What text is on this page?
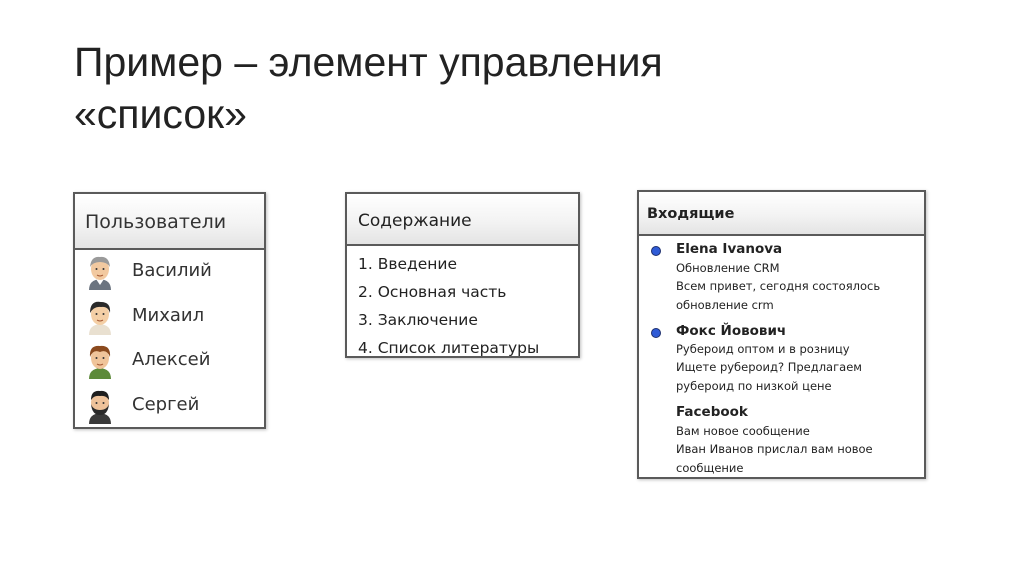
Пример – элемент управления
«список»
Пользователи
Василий
Михаил
Алексей
Сергей
Содержание
1. Введение
2. Основная часть
3. Заключение
4. Список литературы
Входящие
Elena Ivanova
Обновление CRM
Всем привет, сегодня состоялось
обновление crm
Фокс Йовович
Рубероид оптом и в розницу
Ищете рубероид? Предлагаем
рубероид по низкой цене
Facebook
Вам новое сообщение
Иван Иванов прислал вам новое
сообщение
